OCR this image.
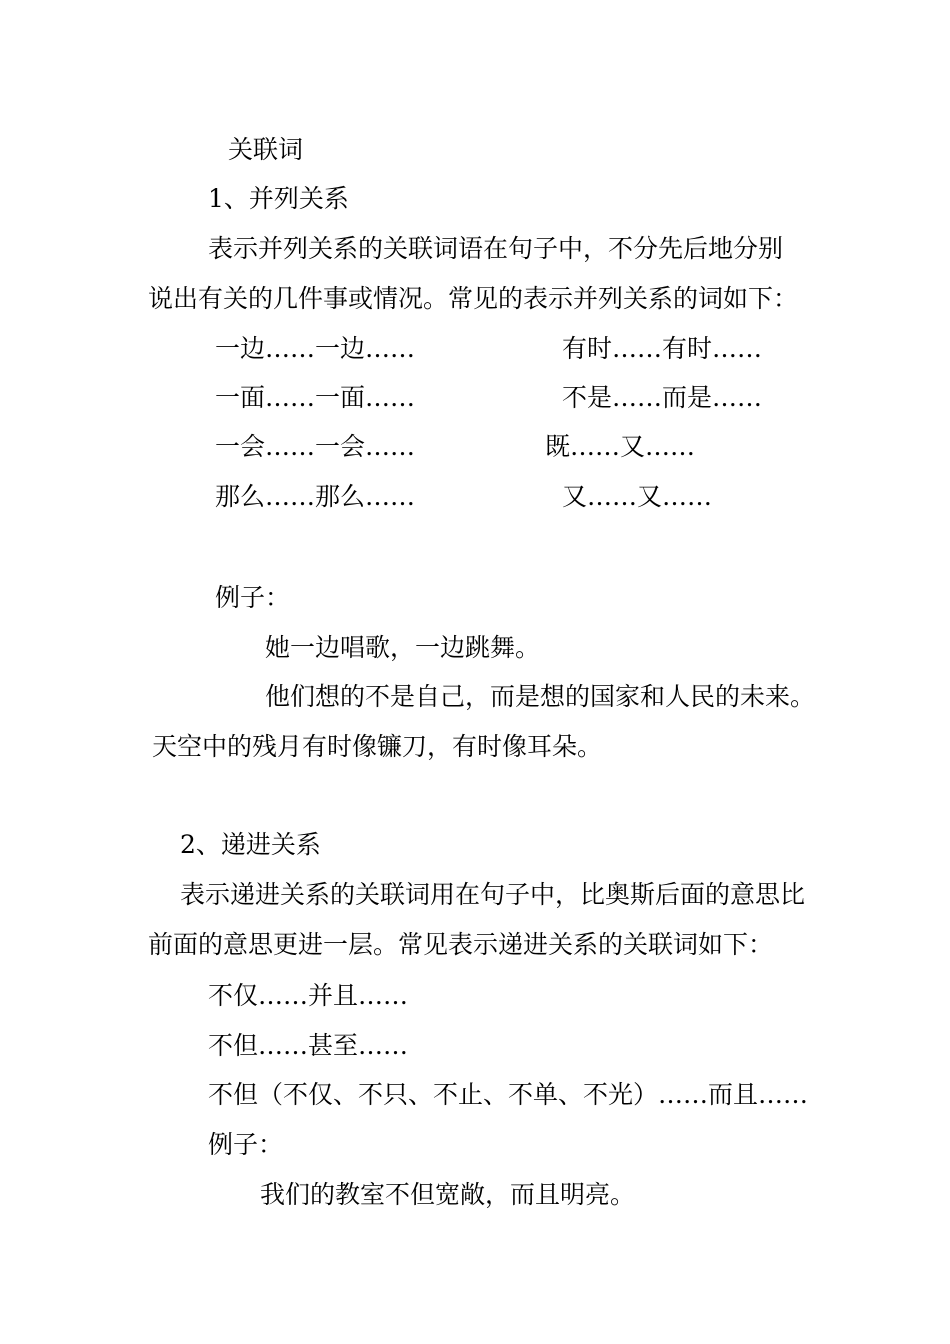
关联词
1、并列关系
表示并列关系的关联词语在句子中，不分先后地分别
说出有关的几件事或情况。常见的表示并列关系的词如下：
一边……一边……	有时……有时……
一面……一面……	不是……而是……
一会……一会……	既……又……
那么……那么……	又……又……
例子：
她一边唱歌，一边跳舞。
他们想的不是自己，而是想的国家和人民的未来。
天空中的残月有时像镰刀，有时像耳朵。
2、递进关系
表示递进关系的关联词用在句子中，比奥斯后面的意思比
前面的意思更进一层。常见表示递进关系的关联词如下：
不仅……并且……
不但……甚至……
不但（不仅、不只、不止、不单、不光）……而且……
例子：
我们的教室不但宽敞，而且明亮。
